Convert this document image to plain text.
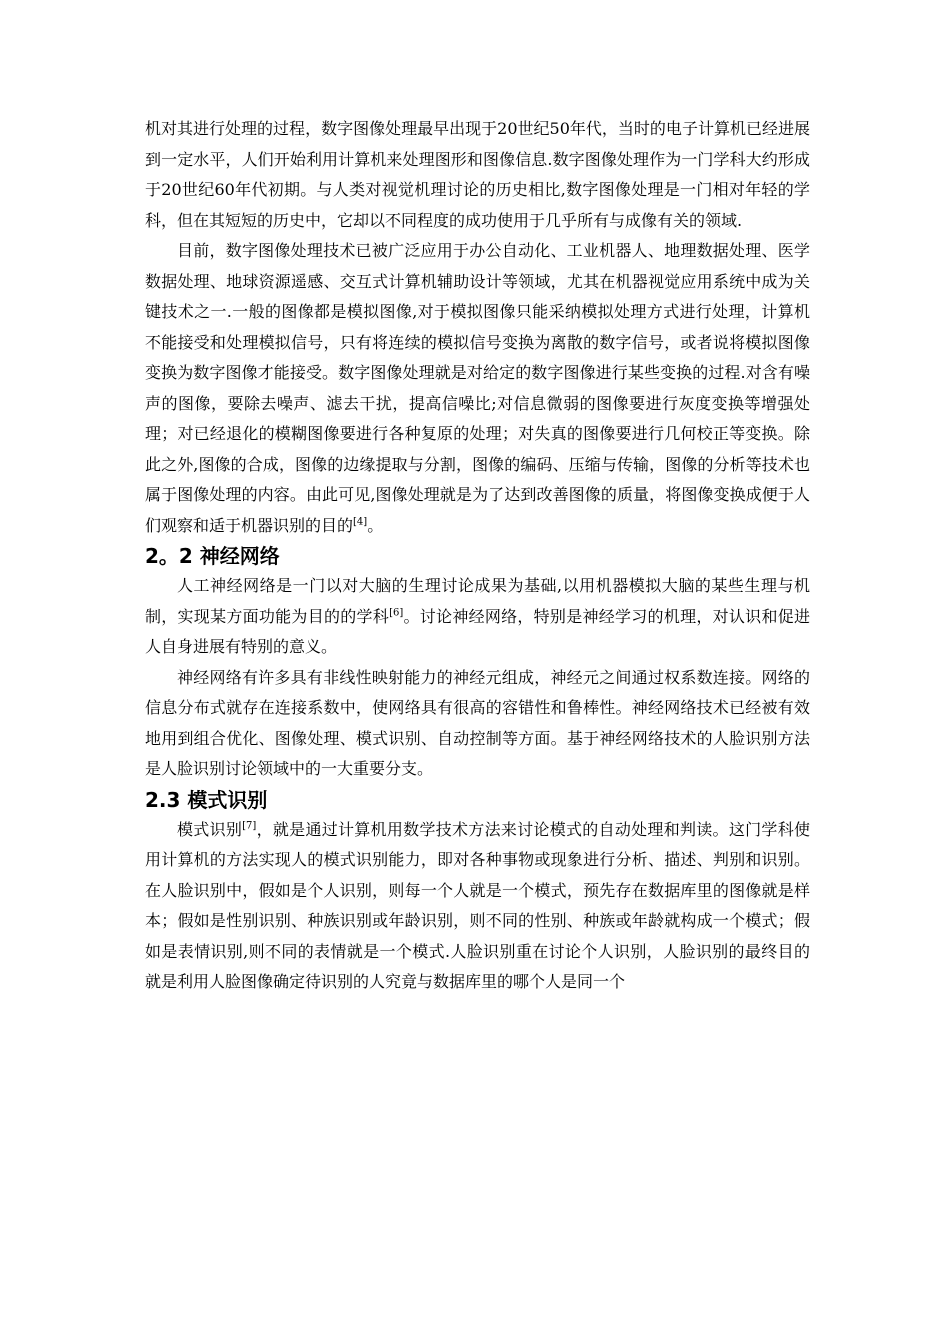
机对其进行处理的过程，数字图像处理最早出现于20世纪50年代，当时的电子计算机已经进展到一定水平，人们开始利用计算机来处理图形和图像信息.数字图像处理作为一门学科大约形成于20世纪60年代初期。与人类对视觉机理讨论的历史相比,数字图像处理是一门相对年轻的学科，但在其短短的历史中，它却以不同程度的成功使用于几乎所有与成像有关的领域.

目前，数字图像处理技术已被广泛应用于办公自动化、工业机器人、地理数据处理、医学数据处理、地球资源遥感、交互式计算机辅助设计等领域，尤其在机器视觉应用系统中成为关键技术之一.一般的图像都是模拟图像,对于模拟图像只能采纳模拟处理方式进行处理，计算机不能接受和处理模拟信号，只有将连续的模拟信号变换为离散的数字信号，或者说将模拟图像变换为数字图像才能接受。数字图像处理就是对给定的数字图像进行某些变换的过程.对含有噪声的图像，要除去噪声、滤去干扰，提高信噪比;对信息微弱的图像要进行灰度变换等增强处理；对已经退化的模糊图像要进行各种复原的处理；对失真的图像要进行几何校正等变换。除此之外,图像的合成，图像的边缘提取与分割，图像的编码、压缩与传输，图像的分析等技术也属于图像处理的内容。由此可见,图像处理就是为了达到改善图像的质量，将图像变换成便于人们观察和适于机器识别的目的[4]。

2。2 神经网络

人工神经网络是一门以对大脑的生理讨论成果为基础,以用机器模拟大脑的某些生理与机制，实现某方面功能为目的的学科[6]。讨论神经网络，特别是神经学习的机理，对认识和促进人自身进展有特别的意义。

神经网络有许多具有非线性映射能力的神经元组成，神经元之间通过权系数连接。网络的信息分布式就存在连接系数中，使网络具有很高的容错性和鲁棒性。神经网络技术已经被有效地用到组合优化、图像处理、模式识别、自动控制等方面。基于神经网络技术的人脸识别方法是人脸识别讨论领域中的一大重要分支。

2.3 模式识别

模式识别[7]，就是通过计算机用数学技术方法来讨论模式的自动处理和判读。这门学科使用计算机的方法实现人的模式识别能力，即对各种事物或现象进行分析、描述、判别和识别。在人脸识别中，假如是个人识别，则每一个人就是一个模式，预先存在数据库里的图像就是样本；假如是性别识别、种族识别或年龄识别，则不同的性别、种族或年龄就构成一个模式；假如是表情识别,则不同的表情就是一个模式.人脸识别重在讨论个人识别，人脸识别的最终目的就是利用人脸图像确定待识别的人究竟与数据库里的哪个人是同一个
